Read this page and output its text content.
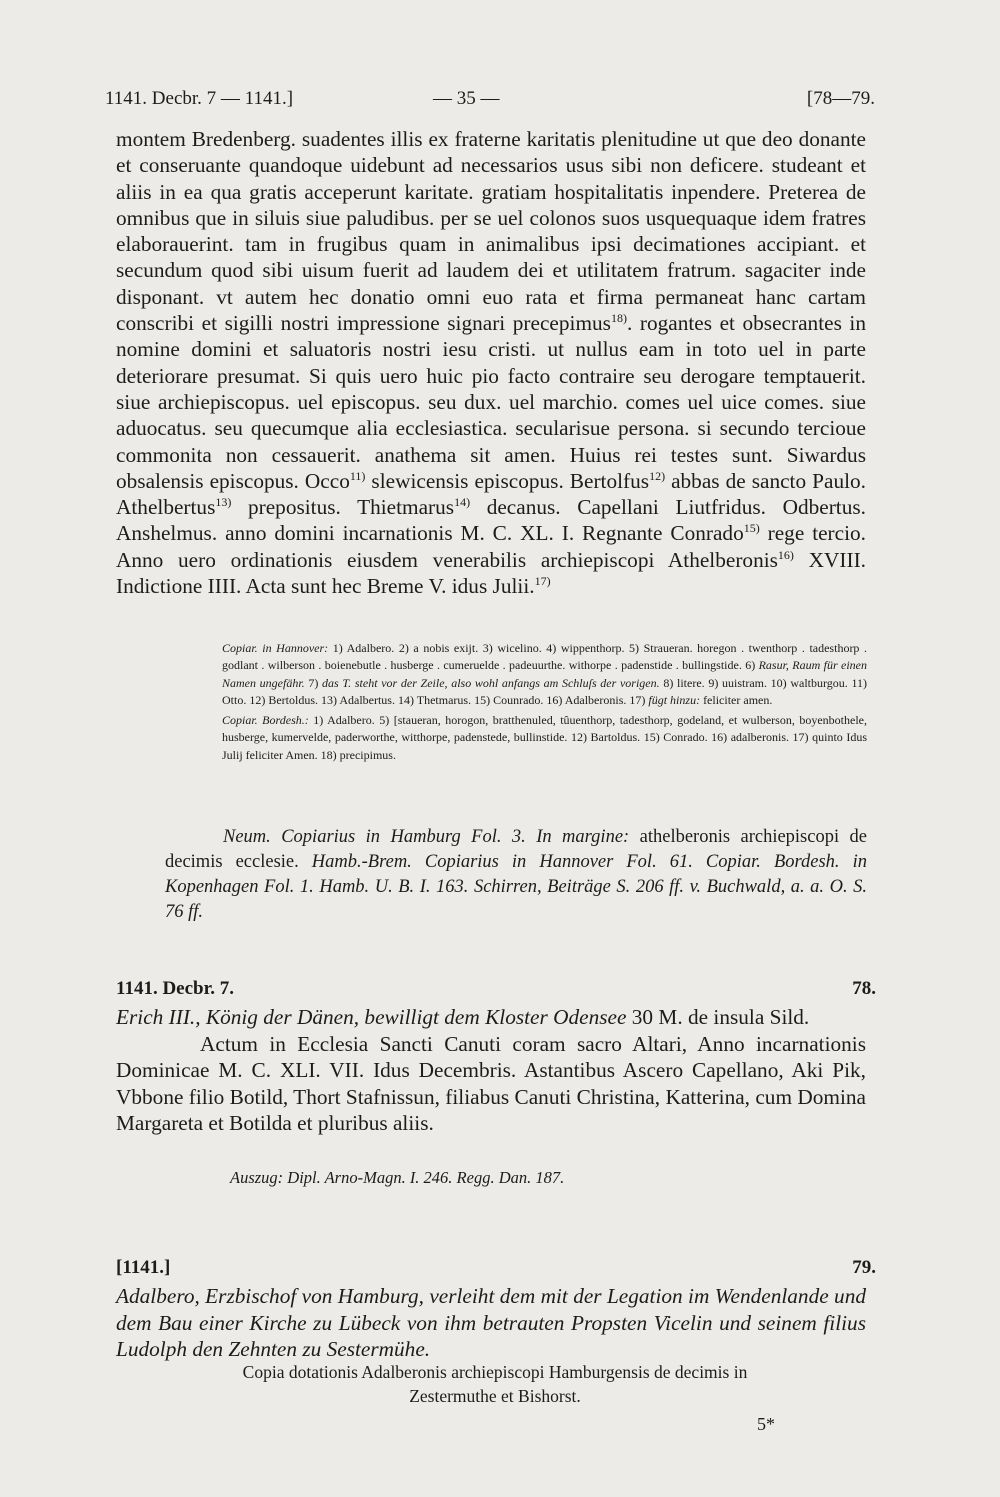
1141. Decbr. 7 — 1141.]	— 35 —	[78—79.

montem Bredenberg. suadentes illis ex fraterne karitatis plenitudine ut que deo donante et conseruante quandoque uidebunt ad necessarios usus sibi non deficere. studeant et aliis in ea qua gratis acceperunt karitate. gratiam hospitalitatis inpendere. Preterea de omnibus que in siluis siue paludibus. per se uel colonos suos usquequaque idem fratres elaborauerint. tam in frugibus quam in animalibus ipsi decimationes accipiant. et secundum quod sibi uisum fuerit ad laudem dei et utilitatem fratrum. sagaciter inde disponant. vt autem hec donatio omni euo rata et firma permaneat hanc cartam conscribi et sigilli nostri impressione signari precepimus$^{18)}$. rogantes et obsecrantes in nomine domini et saluatoris nostri iesu cristi. ut nullus eam in toto uel in parte deteriorare presumat. Si quis uero huic pio facto contraire seu derogare temptauerit. siue archiepiscopus. uel episcopus. seu dux. uel marchio. comes uel uice comes. siue aduocatus. seu quecumque alia ecclesiastica. secularisue persona. si secundo tercioue commonita non cessauerit. anathema sit amen. Huius rei testes sunt. Siwardus obsalensis episcopus. Occo$^{11)}$ slewicensis episcopus. Bertolfus$^{12)}$ abbas de sancto Paulo. Athelbertus$^{13)}$ prepositus. Thietmarus$^{14)}$ decanus. Capellani Liutfridus. Odbertus. Anshelmus. anno domini incarnationis M. C. XL. I. Regnante Conrado$^{15)}$ rege tercio. Anno uero ordinationis eiusdem venerabilis archiepiscopi Athelberonis$^{16)}$ XVIII. Indictione IIII. Acta sunt hec Breme V. idus Julii.$^{17)}$

Copiar. in Hannover: 1) Adalbero. 2) a nobis exijt. 3) wicelino. 4) wippenthorp. 5) Straueran. horegon . twenthorp . tadesthorp . godlant . wilberson . boienebutle . husberge . cumeruelde . padeuurthe. withorpe . padenstide . bullingstide. 6) Rasur, Raum für einen Namen ungefähr. 7) das T. steht vor der Zeile, also wohl anfangs am Schluſs der vorigen. 8) litere. 9) uuistram. 10) waltburgou. 11) Otto. 12) Bertoldus. 13) Adalbertus. 14) Thetmarus. 15) Counrado. 16) Adalberonis. 17) fügt hinzu: feliciter amen.

Copiar. Bordesh.: 1) Adalbero. 5) [staueran, horogon, bratthenuled, tûuenthorp, tadesthorp, godeland, et wulberson, boyenbothele, husberge, kumervelde, paderworthe, witthorpe, padenstede, bullinstide. 12) Bartoldus. 15) Conrado. 16) adalberonis. 17) quinto Idus Julij feliciter Amen. 18) precipimus.

Neum. Copiarius in Hamburg Fol. 3. In margine: athelberonis archiepiscopi de decimis ecclesie. Hamb.-Brem. Copiarius in Hannover Fol. 61. Copiar. Bordesh. in Kopenhagen Fol. 1. Hamb. U. B. I. 163. Schirren, Beiträge S. 206 ff. v. Buchwald, a. a. O. S. 76 ff.

1141. Decbr. 7.	78.

Erich III., König der Dänen, bewilligt dem Kloster Odensee 30 M. de insula Sild.

Actum in Ecclesia Sancti Canuti coram sacro Altari, Anno incarnationis Dominicae M. C. XLI. VII. Idus Decembris. Astantibus Ascero Capellano, Aki Pik, Vbbone filio Botild, Thort Stafnissun, filiabus Canuti Christina, Katterina, cum Domina Margareta et Botilda et pluribus aliis.

Auszug: Dipl. Arno-Magn. I. 246. Regg. Dan. 187.
[1141.]	79.

Adalbero, Erzbischof von Hamburg, verleiht dem mit der Legation im Wendenlande und dem Bau einer Kirche zu Lübeck von ihm betrauten Propsten Vicelin und seinem filius Ludolph den Zehnten zu Sestermühe.

Copia dotationis Adalberonis archiepiscopi Hamburgensis de decimis in

Zestermuthe et Bishorst.

5*
